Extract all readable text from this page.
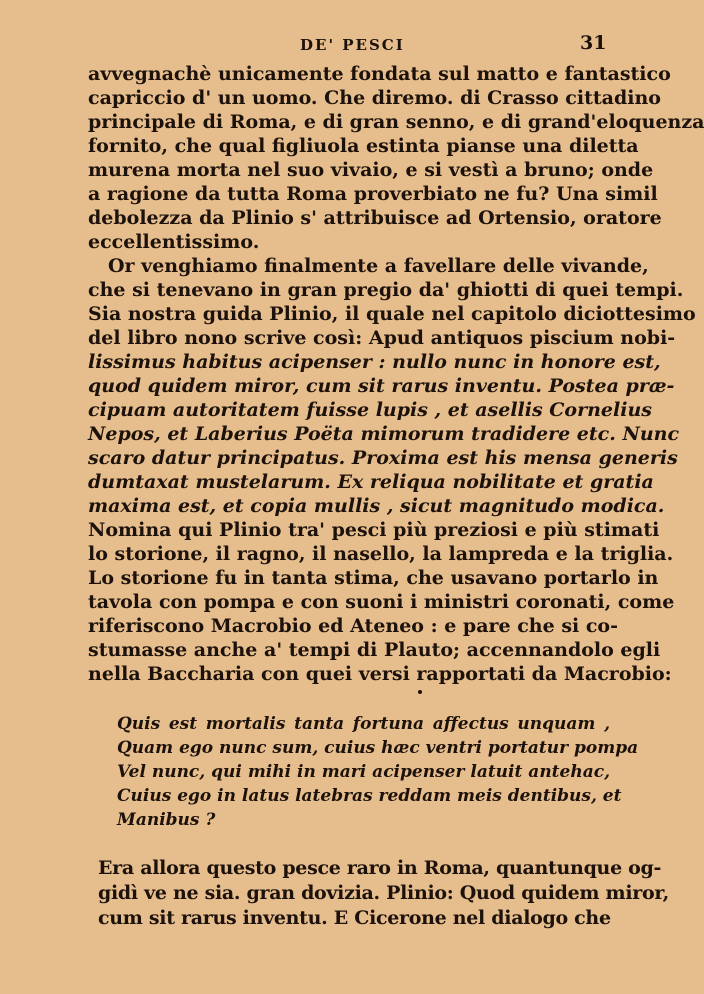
DE' PESCI	31
avvegnachè unicamente fondata sul matto e fantastico
capriccio d' un uomo. Che diremo. di Crasso cittadino
principale di Roma, e di gran senno, e di grand'eloquenza
fornito, che qual figliuola estinta pianse una diletta
murena morta nel suo vivaio, e si vestì a bruno; onde
a ragione da tutta Roma proverbiato ne fu? Una simil
debolezza da Plinio s' attribuisce ad Ortensio, oratore
eccellentissimo.
Or venghiamo finalmente a favellare delle vivande,
che si tenevano in gran pregio da' ghiotti di quei tempi.
Sia nostra guida Plinio, il quale nel capitolo diciottesimo
del libro nono scrive così: Apud antiquos piscium nobi-
lissimus habitus acipenser : nullo nunc in honore est,
quod quidem miror, cum sit rarus inventu. Postea præ-
cipuam autoritatem fuisse lupis , et asellis Cornelius
Nepos, et Laberius Poëta mimorum tradidere etc. Nunc
scaro datur principatus. Proxima est his mensa generis
dumtaxat mustelarum. Ex reliqua nobilitate et gratia
maxima est, et copia mullis , sicut magnitudo modica.
Nomina qui Plinio tra' pesci più preziosi e più stimati
lo storione, il ragno, il nasello, la lampreda e la triglia.
Lo storione fu in tanta stima, che usavano portarlo in
tavola con pompa e con suoni i ministri coronati, come
riferiscono Macrobio ed Ateneo : e pare che si co-
stumasse anche a' tempi di Plauto; accennandolo egli
nella Baccharia con quei versi rapportati da Macrobio:
Quis est mortalis tanta fortuna affectus unquam ,
Quam ego nunc sum, cuius hæc ventri portatur pompa
Vel nunc, qui mihi in mari acipenser latuit antehac,
Cuius ego in latus latebras reddam meis dentibus, et
Manibus ?
Era allora questo pesce raro in Roma, quantunque og-
gidì ve ne sia. gran dovizia. Plinio: Quod quidem miror,
cum sit rarus inventu. E Cicerone nel dialogo che
